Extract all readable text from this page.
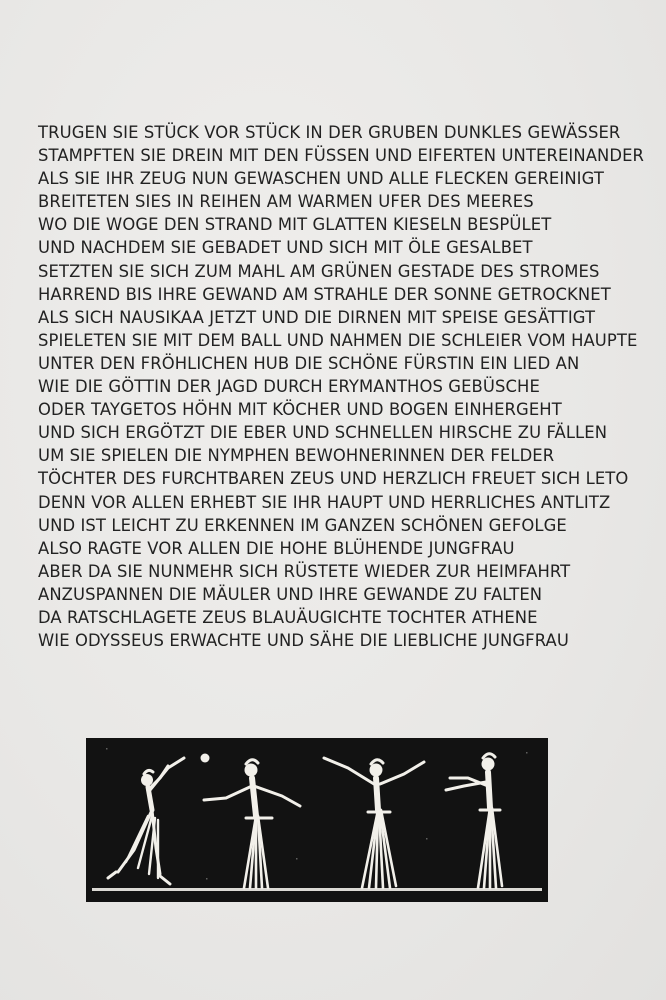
TRUGEN SIE STÜCK VOR STÜCK IN DER GRUBEN DUNKLES GEWÄSSER
STAMPFTEN SIE DREIN MIT DEN FÜSSEN UND EIFERTEN UNTEREINANDER
ALS SIE IHR ZEUG NUN GEWASCHEN UND ALLE FLECKEN GEREINIGT
BREITETEN SIES IN REIHEN AM WARMEN UFER DES MEERES
WO DIE WOGE DEN STRAND MIT GLATTEN KIESELN BESPÜLET
UND NACHDEM SIE GEBADET UND SICH MIT ÖLE GESALBET
SETZTEN SIE SICH ZUM MAHL AM GRÜNEN GESTADE DES STROMES
HARREND BIS IHRE GEWAND AM STRAHLE DER SONNE GETROCKNET
ALS SICH NAUSIKAA JETZT UND DIE DIRNEN MIT SPEISE GESÄTTIGT
SPIELETEN SIE MIT DEM BALL UND NAHMEN DIE SCHLEIER VOM HAUPTE
UNTER DEN FRÖHLICHEN HUB DIE SCHÖNE FÜRSTIN EIN LIED AN
WIE DIE GÖTTIN DER JAGD DURCH ERYMANTHOS GEBÜSCHE
ODER TAYGETOS HÖHN MIT KÖCHER UND BOGEN EINHERGEHT
UND SICH ERGÖTZT DIE EBER UND SCHNELLEN HIRSCHE ZU FÄLLEN
UM SIE SPIELEN DIE NYMPHEN BEWOHNERINNEN DER FELDER
TÖCHTER DES FURCHTBAREN ZEUS UND HERZLICH FREUET SICH LETO
DENN VOR ALLEN ERHEBT SIE IHR HAUPT UND HERRLICHES ANTLITZ
UND IST LEICHT ZU ERKENNEN IM GANZEN SCHÖNEN GEFOLGE
ALSO RAGTE VOR ALLEN DIE HOHE BLÜHENDE JUNGFRAU
ABER DA SIE NUNMEHR SICH RÜSTETE WIEDER ZUR HEIMFAHRT
ANZUSPANNEN DIE MÄULER UND IHRE GEWANDE ZU FALTEN
DA RATSCHLAGETE ZEUS BLAUÄUGICHTE TOCHTER ATHENE
WIE ODYSSEUS ERWACHTE UND SÄHE DIE LIEBLICHE JUNGFRAU
